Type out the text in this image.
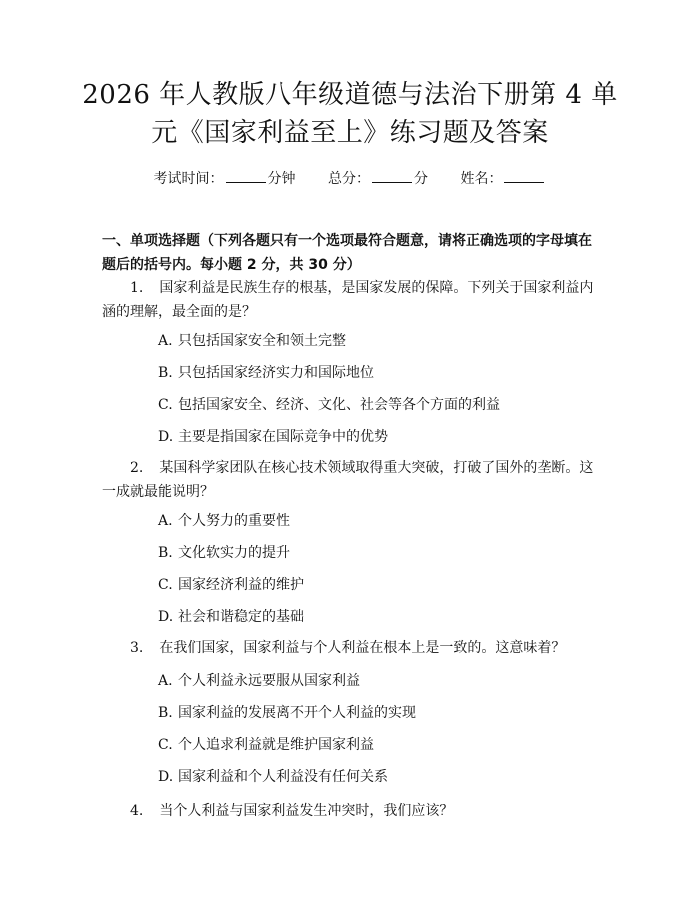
2026 年人教版八年级道德与法治下册第 4 单
元《国家利益至上》练习题及答案
考试时间：	分钟 总分：	分 姓名：
一、单项选择题（下列各题只有一个选项最符合题意，请将正确选项的字母填在题后的括号内。每小题 2 分，共 30 分）
1. 国家利益是民族生存的根基，是国家发展的保障。下列关于国家利益内涵的理解，最全面的是？
A. 只包括国家安全和领土完整
B. 只包括国家经济实力和国际地位
C. 包括国家安全、经济、文化、社会等各个方面的利益
D. 主要是指国家在国际竞争中的优势
2. 某国科学家团队在核心技术领域取得重大突破，打破了国外的垄断。这一成就最能说明？
A. 个人努力的重要性
B. 文化软实力的提升
C. 国家经济利益的维护
D. 社会和谐稳定的基础
3. 在我们国家，国家利益与个人利益在根本上是一致的。这意味着？
A. 个人利益永远要服从国家利益
B. 国家利益的发展离不开个人利益的实现
C. 个人追求利益就是维护国家利益
D. 国家利益和个人利益没有任何关系
4. 当个人利益与国家利益发生冲突时，我们应该？
